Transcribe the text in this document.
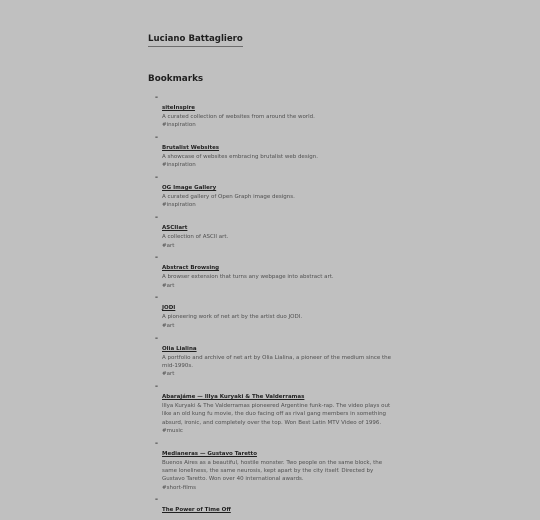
Luciano Battagliero
Bookmarks
–
siteInspire
A curated collection of websites from around the world.
#inspiration
–
Brutalist Websites
A showcase of websites embracing brutalist web design.
#inspiration
–
OG Image Gallery
A curated gallery of Open Graph image designs.
#inspiration
–
ASCIIart
A collection of ASCII art.
#art
–
Abstract Browsing
A browser extension that turns any webpage into abstract art.
#art
–
JODI
A pioneering work of net art by the artist duo JODI.
#art
–
Olia Lialina
A portfolio and archive of net art by Olia Lialina, a pioneer of the medium since the mid-1990s.
#art
–
Abarajáme — Illya Kuryaki & The Valderramas
Illya Kuryaki & The Valderramas pioneered Argentine funk-rap. The video plays out like an old kung fu movie, the duo facing off as rival gang members in something absurd, ironic, and completely over the top. Won Best Latin MTV Video of 1996.
#music
–
Medianeras — Gustavo Taretto
Buenos Aires as a beautiful, hostile monster. Two people on the same block, the same loneliness, the same neurosis, kept apart by the city itself. Directed by Gustavo Taretto. Won over 40 international awards.
#short-films
–
The Power of Time Off
